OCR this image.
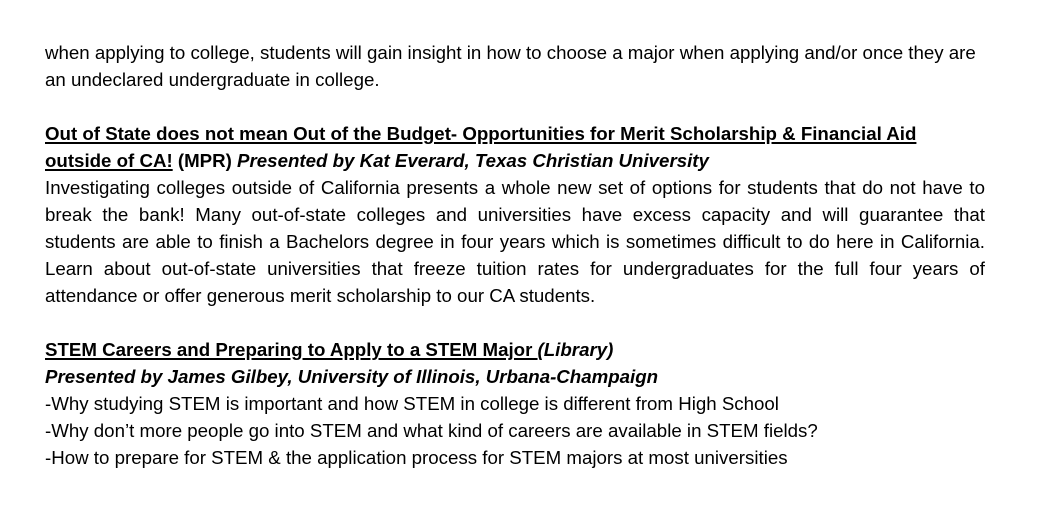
when applying to college, students will gain insight in how to choose a major when applying and/or once they are an undeclared undergraduate in college.

Out of State does not mean Out of the Budget- Opportunities for Merit Scholarship & Financial Aid outside of CA! (MPR) Presented by Kat Everard, Texas Christian University

Investigating colleges outside of California presents a whole new set of options for students that do not have to break the bank! Many out-of-state colleges and universities have excess capacity and will guarantee that students are able to finish a Bachelors degree in four years which is sometimes difficult to do here in California. Learn about out-of-state universities that freeze tuition rates for undergraduates for the full four years of attendance or offer generous merit scholarship to our CA students.

STEM Careers and Preparing to Apply to a STEM Major (Library)

Presented by James Gilbey, University of Illinois, Urbana-Champaign

-Why studying STEM is important and how STEM in college is different from High School

-Why don’t more people go into STEM and what kind of careers are available in STEM fields?

-How to prepare for STEM & the application process for STEM majors at most universities
